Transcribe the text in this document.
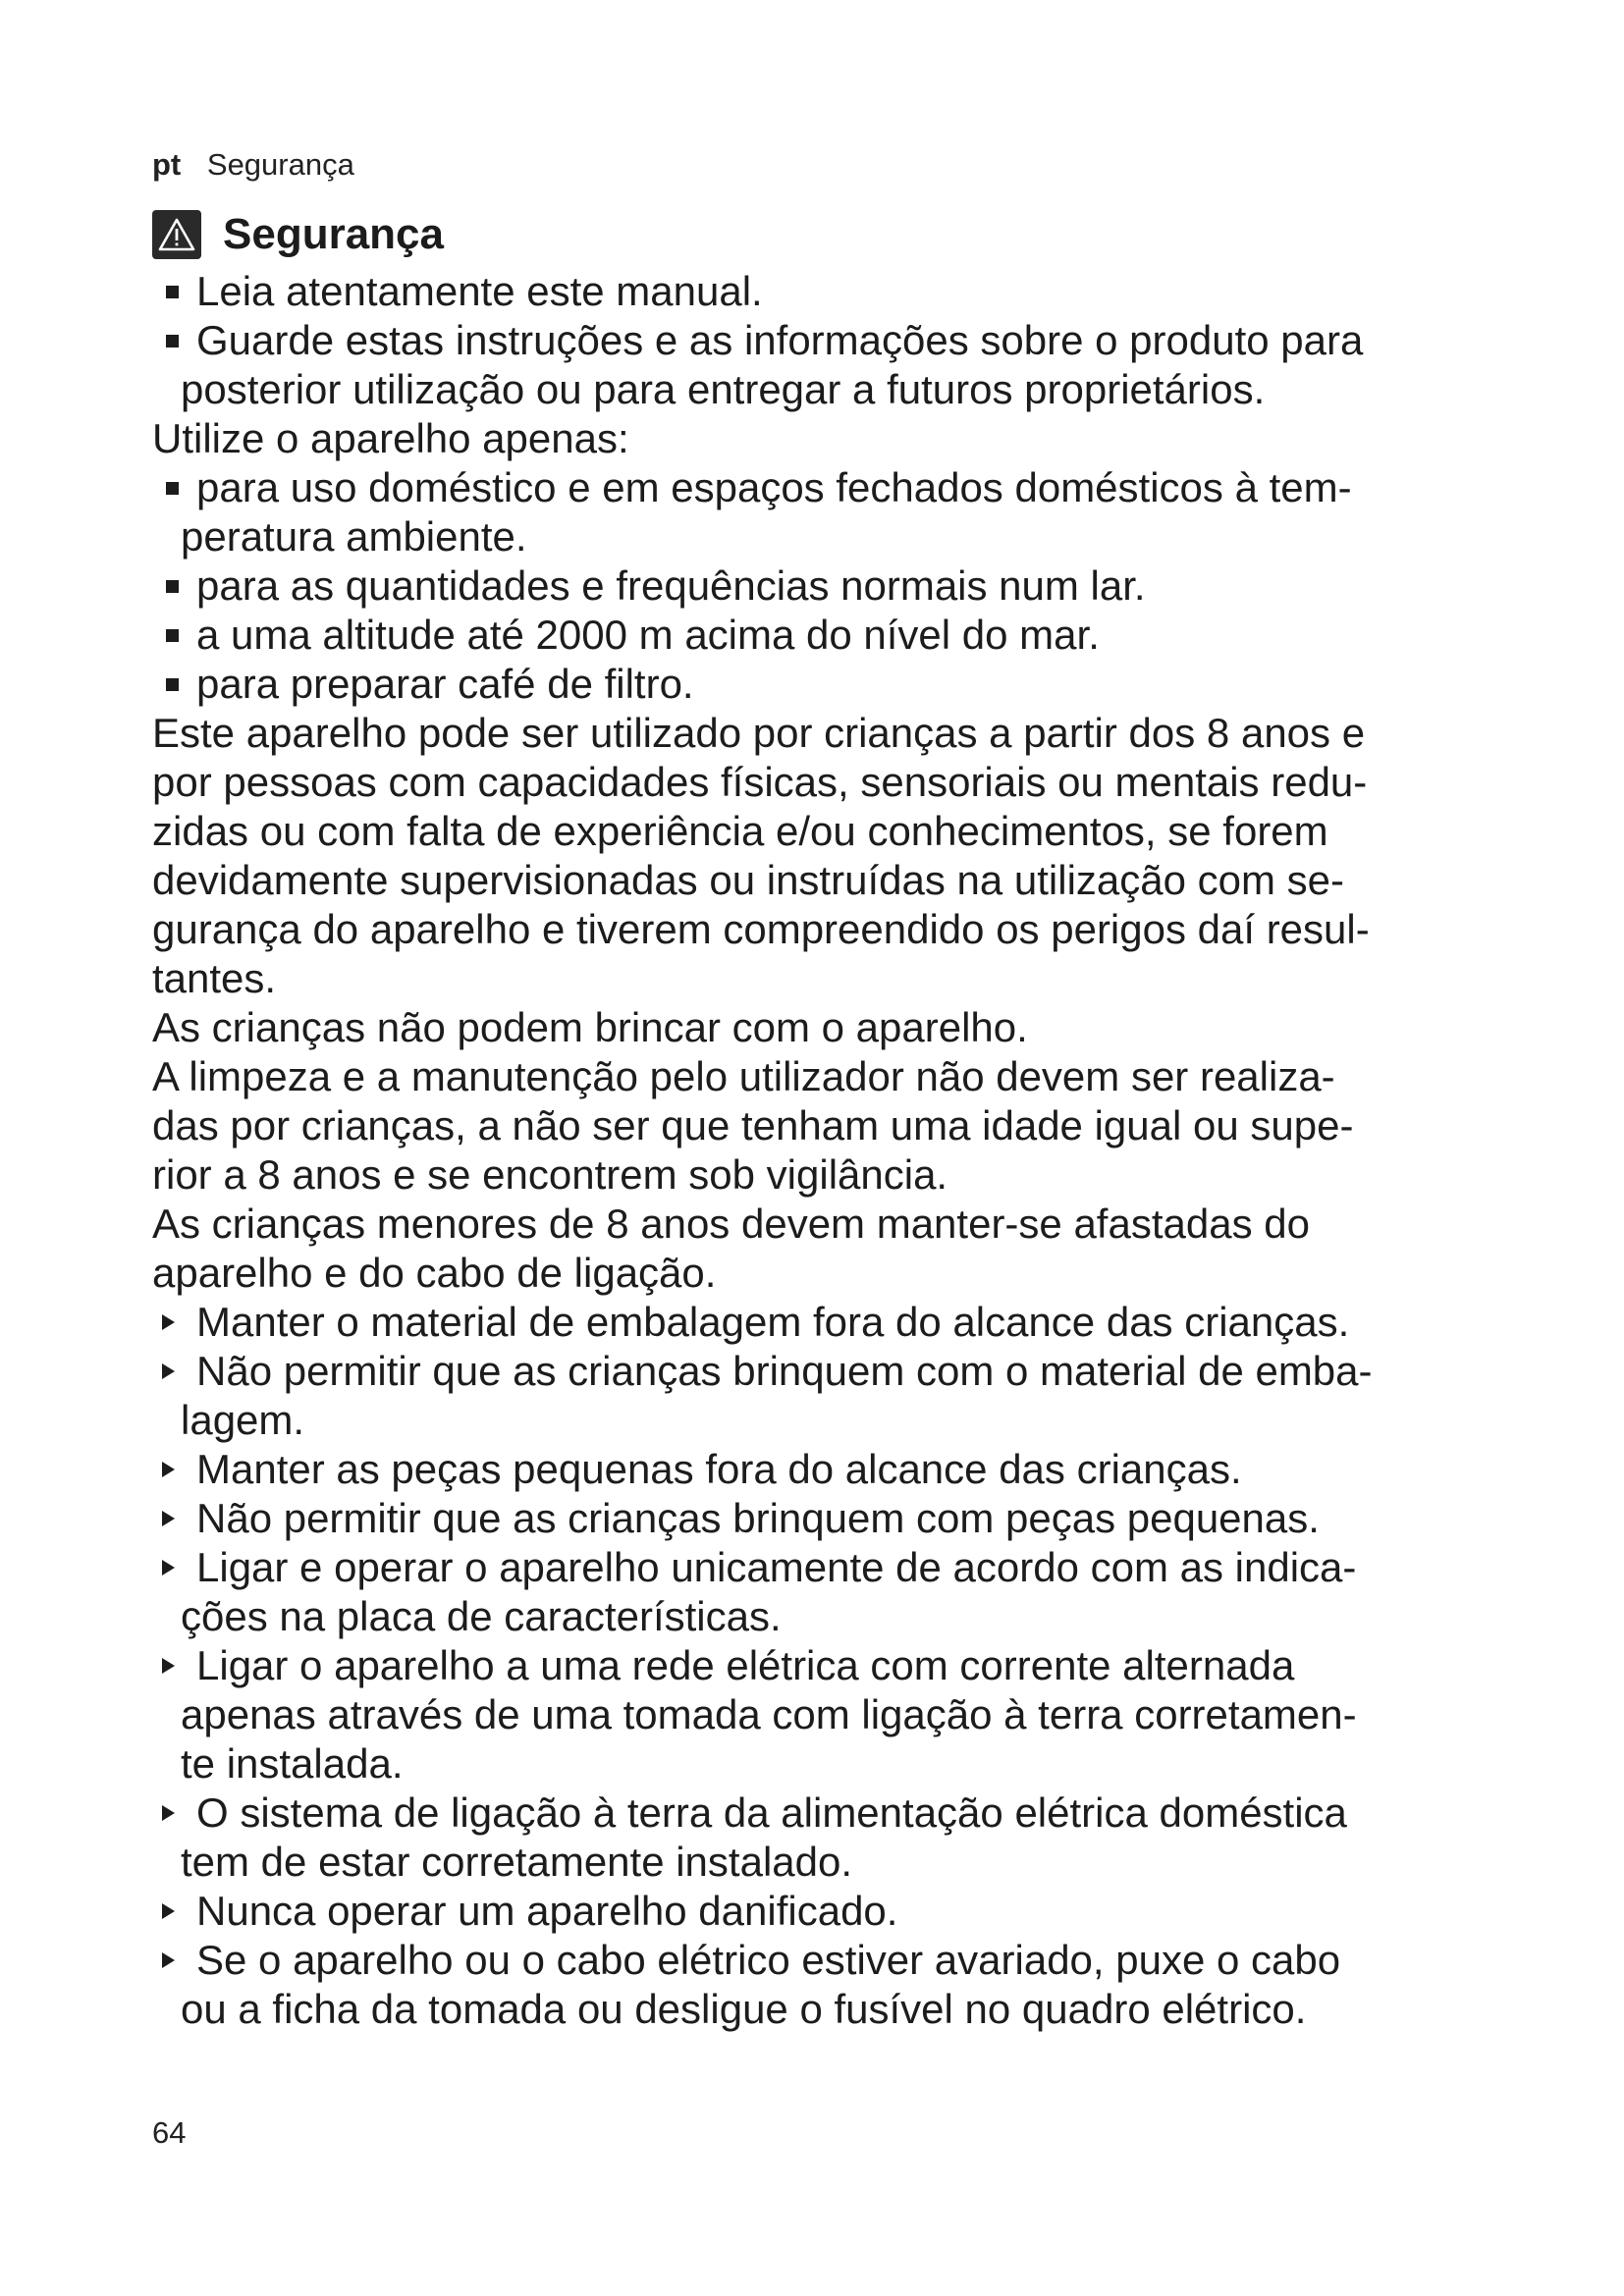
pt Segurança
Segurança
Leia atentamente este manual.
Guarde estas instruções e as informações sobre o produto para
posterior utilização ou para entregar a futuros proprietários.
Utilize o aparelho apenas:
para uso doméstico e em espaços fechados domésticos à tem-
peratura ambiente.
para as quantidades e frequências normais num lar.
a uma altitude até 2000 m acima do nível do mar.
para preparar café de filtro.
Este aparelho pode ser utilizado por crianças a partir dos 8 anos e
por pessoas com capacidades físicas, sensoriais ou mentais redu-
zidas ou com falta de experiência e/ou conhecimentos, se forem
devidamente supervisionadas ou instruídas na utilização com se-
gurança do aparelho e tiverem compreendido os perigos daí resul-
tantes.
As crianças não podem brincar com o aparelho.
A limpeza e a manutenção pelo utilizador não devem ser realiza-
das por crianças, a não ser que tenham uma idade igual ou supe-
rior a 8 anos e se encontrem sob vigilância.
As crianças menores de 8 anos devem manter-se afastadas do
aparelho e do cabo de ligação.
Manter o material de embalagem fora do alcance das crianças.
Não permitir que as crianças brinquem com o material de emba-
lagem.
Manter as peças pequenas fora do alcance das crianças.
Não permitir que as crianças brinquem com peças pequenas.
Ligar e operar o aparelho unicamente de acordo com as indica-
ções na placa de características.
Ligar o aparelho a uma rede elétrica com corrente alternada
apenas através de uma tomada com ligação à terra corretamen-
te instalada.
O sistema de ligação à terra da alimentação elétrica doméstica
tem de estar corretamente instalado.
Nunca operar um aparelho danificado.
Se o aparelho ou o cabo elétrico estiver avariado, puxe o cabo
ou a ficha da tomada ou desligue o fusível no quadro elétrico.
64
